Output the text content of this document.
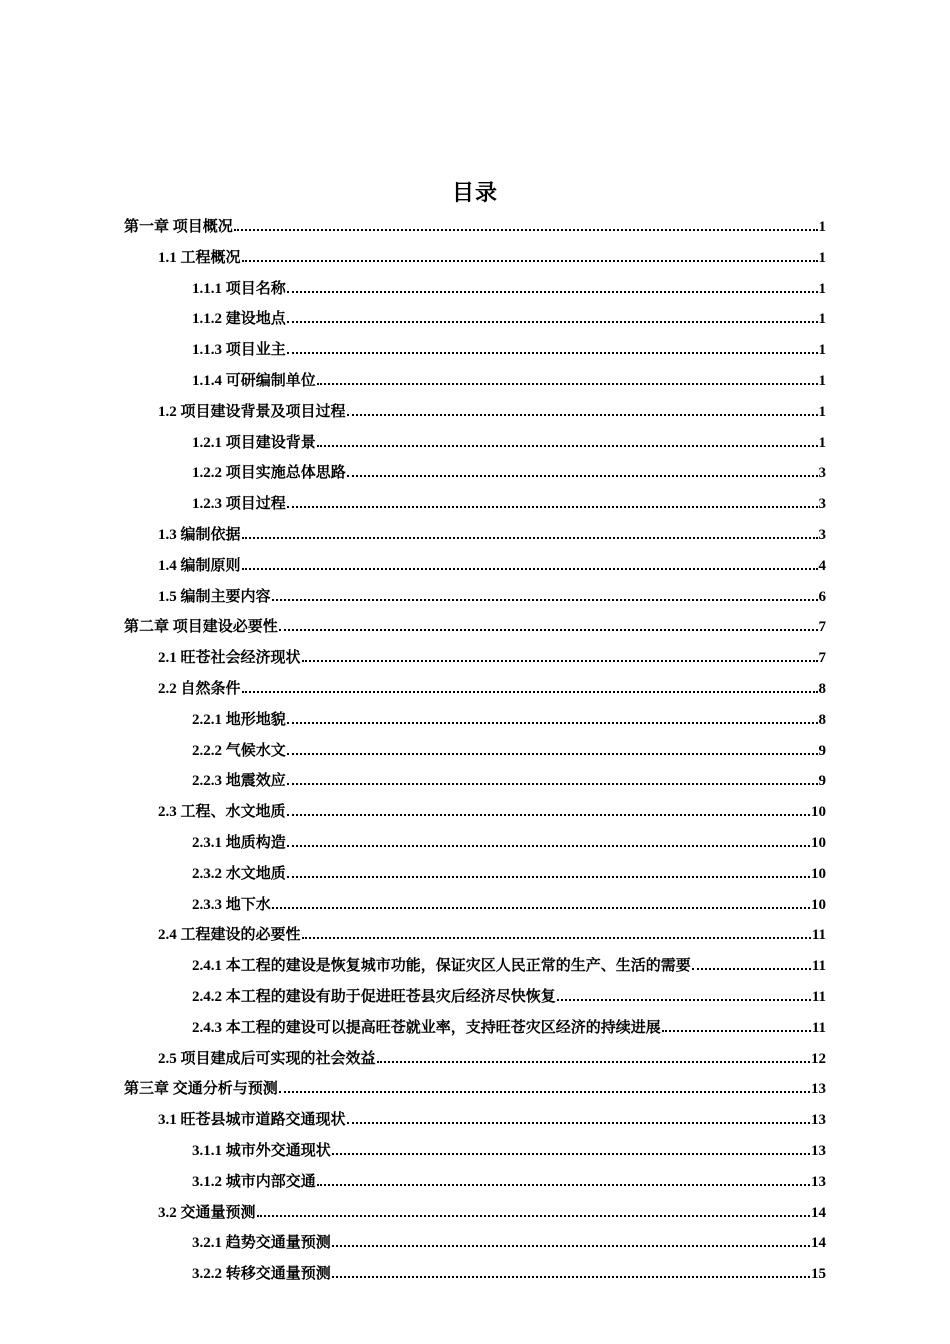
目录
第一章 项目概况	1
1.1 工程概况	1
1.1.1 项目名称	1
1.1.2 建设地点	1
1.1.3 项目业主	1
1.1.4 可研编制单位	1
1.2 项目建设背景及项目过程	1
1.2.1 项目建设背景	1
1.2.2 项目实施总体思路	3
1.2.3 项目过程	3
1.3 编制依据	3
1.4 编制原则	4
1.5 编制主要内容	6
第二章 项目建设必要性	7
2.1 旺苍社会经济现状	7
2.2 自然条件	8
2.2.1 地形地貌	8
2.2.2 气候水文	9
2.2.3 地震效应	9
2.3 工程、水文地质	10
2.3.1 地质构造	10
2.3.2 水文地质	10
2.3.3 地下水	10
2.4 工程建设的必要性	11
2.4.1 本工程的建设是恢复城市功能，保证灾区人民正常的生产、生活的需要	11
2.4.2 本工程的建设有助于促进旺苍县灾后经济尽快恢复	11
2.4.3 本工程的建设可以提高旺苍就业率，支持旺苍灾区经济的持续进展	11
2.5 项目建成后可实现的社会效益	12
第三章 交通分析与预测	13
3.1 旺苍县城市道路交通现状	13
3.1.1 城市外交通现状	13
3.1.2 城市内部交通	13
3.2 交通量预测	14
3.2.1 趋势交通量预测	14
3.2.2 转移交通量预测	15
